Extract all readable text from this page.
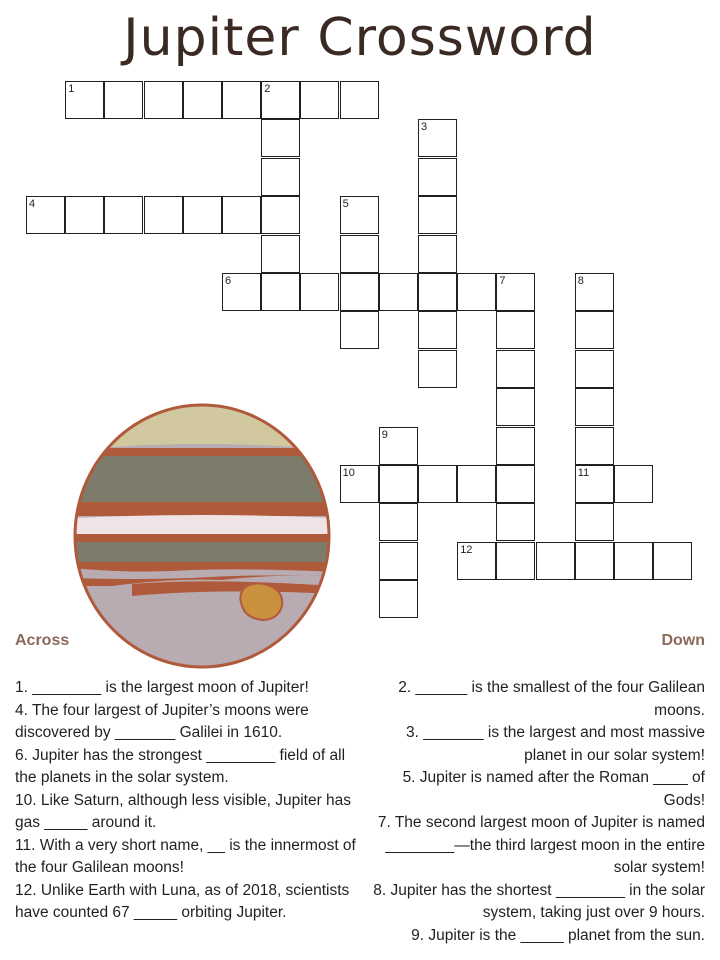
Jupiter Crossword
1	2
3
4	5
6	7	8
11
9
10
12
Across	Down
1. ________ is the largest moon of Jupiter!
4. The four largest of Jupiter’s moons were discovered by _______ Galilei in 1610.
6. Jupiter has the strongest ________ field of all the planets in the solar system.
10. Like Saturn, although less visible, Jupiter has gas _____ around it.
11. With a very short name, __ is the innermost of the four Galilean moons!
12. Unlike Earth with Luna, as of 2018, scientists have counted 67 _____ orbiting Jupiter.
2. ______ is the smallest of the four Galilean moons.
3. _______ is the largest and most massive planet in our solar system!
5. Jupiter is named after the Roman ____ of Gods!
7. The second largest moon of Jupiter is named ________—the third largest moon in the entire solar system!
8. Jupiter has the shortest ________ in the solar system, taking just over 9 hours.
9. Jupiter is the _____ planet from the sun.
